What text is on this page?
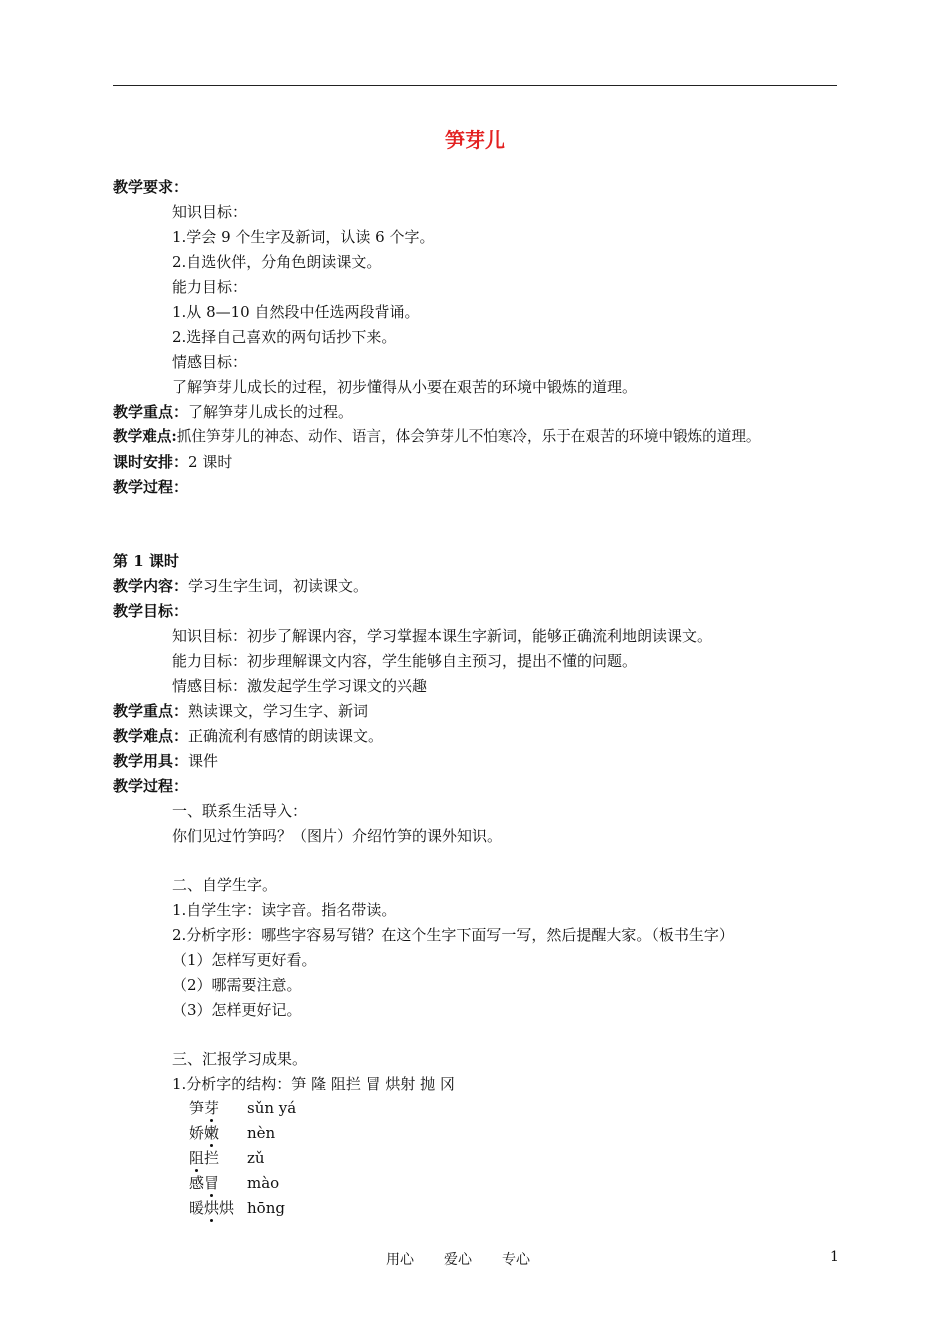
笋芽儿
教学要求：
知识目标：
1.学会 9 个生字及新词，认读 6 个字。
2.自选伙伴，分角色朗读课文。
能力目标：
1.从 8—10 自然段中任选两段背诵。
2.选择自己喜欢的两句话抄下来。
情感目标：
了解笋芽儿成长的过程，初步懂得从小要在艰苦的环境中锻炼的道理。
教学重点：了解笋芽儿成长的过程。
教学难点:抓住笋芽儿的神态、动作、语言，体会笋芽儿不怕寒冷，乐于在艰苦的环境中锻炼的道理。
课时安排：2 课时
教学过程：
第 1 课时
教学内容：学习生字生词，初读课文。
教学目标：
知识目标：初步了解课内容，学习掌握本课生字新词，能够正确流利地朗读课文。
能力目标：初步理解课文内容，学生能够自主预习，提出不懂的问题。
情感目标：激发起学生学习课文的兴趣
教学重点：熟读课文，学习生字、新词
教学难点：正确流利有感情的朗读课文。
教学用具：课件
教学过程：
一、联系生活导入：
你们见过竹笋吗？（图片）介绍竹笋的课外知识。
二、自学生字。
1.自学生字：读字音。指名带读。
2.分析字形：哪些字容易写错？在这个生字下面写一写，然后提醒大家。（板书生字）
（1）怎样写更好看。
（2）哪需要注意。
（3）怎样更好记。
三、汇报学习成果。
1.分析字的结构：笋 隆 阻拦 冒 烘射 抛 冈
笋芽 sǔn yá
娇嫩 nèn
阻拦 zǔ
感冒 mào
暖烘烘 hōng
用心 爱心 专心	1
